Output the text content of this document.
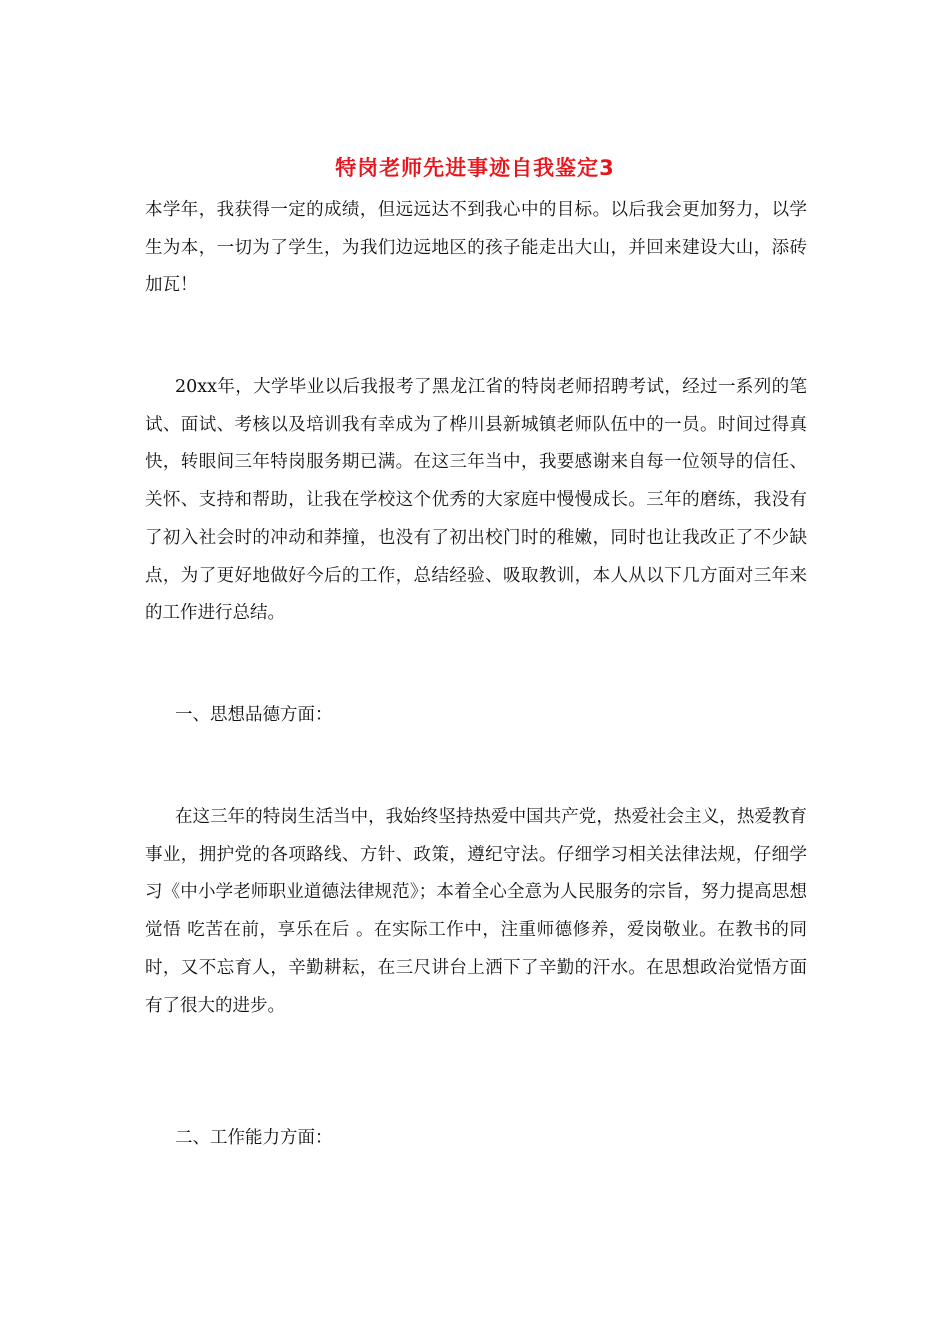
特岗老师先进事迹自我鉴定3

本学年，我获得一定的成绩，但远远达不到我心中的目标。以后我会更加努力，以学生为本，一切为了学生，为我们边远地区的孩子能走出大山，并回来建设大山，添砖加瓦！

20xx年，大学毕业以后我报考了黑龙江省的特岗老师招聘考试，经过一系列的笔试、面试、考核以及培训我有幸成为了桦川县新城镇老师队伍中的一员。时间过得真快，转眼间三年特岗服务期已满。在这三年当中，我要感谢来自每一位领导的信任、关怀、支持和帮助，让我在学校这个优秀的大家庭中慢慢成长。三年的磨练，我没有了初入社会时的冲动和莽撞，也没有了初出校门时的稚嫩，同时也让我改正了不少缺点，为了更好地做好今后的工作，总结经验、吸取教训，本人从以下几方面对三年来的工作进行总结。

一、思想品德方面：

在这三年的特岗生活当中，我始终坚持热爱中国共产党，热爱社会主义，热爱教育事业，拥护党的各项路线、方针、政策，遵纪守法。仔细学习相关法律法规，仔细学习《中小学老师职业道德法律规范》；本着全心全意为人民服务的宗旨，努力提高思想觉悟 吃苦在前，享乐在后 。在实际工作中，注重师德修养，爱岗敬业。在教书的同时，又不忘育人，辛勤耕耘，在三尺讲台上洒下了辛勤的汗水。在思想政治觉悟方面有了很大的进步。

二、工作能力方面：
